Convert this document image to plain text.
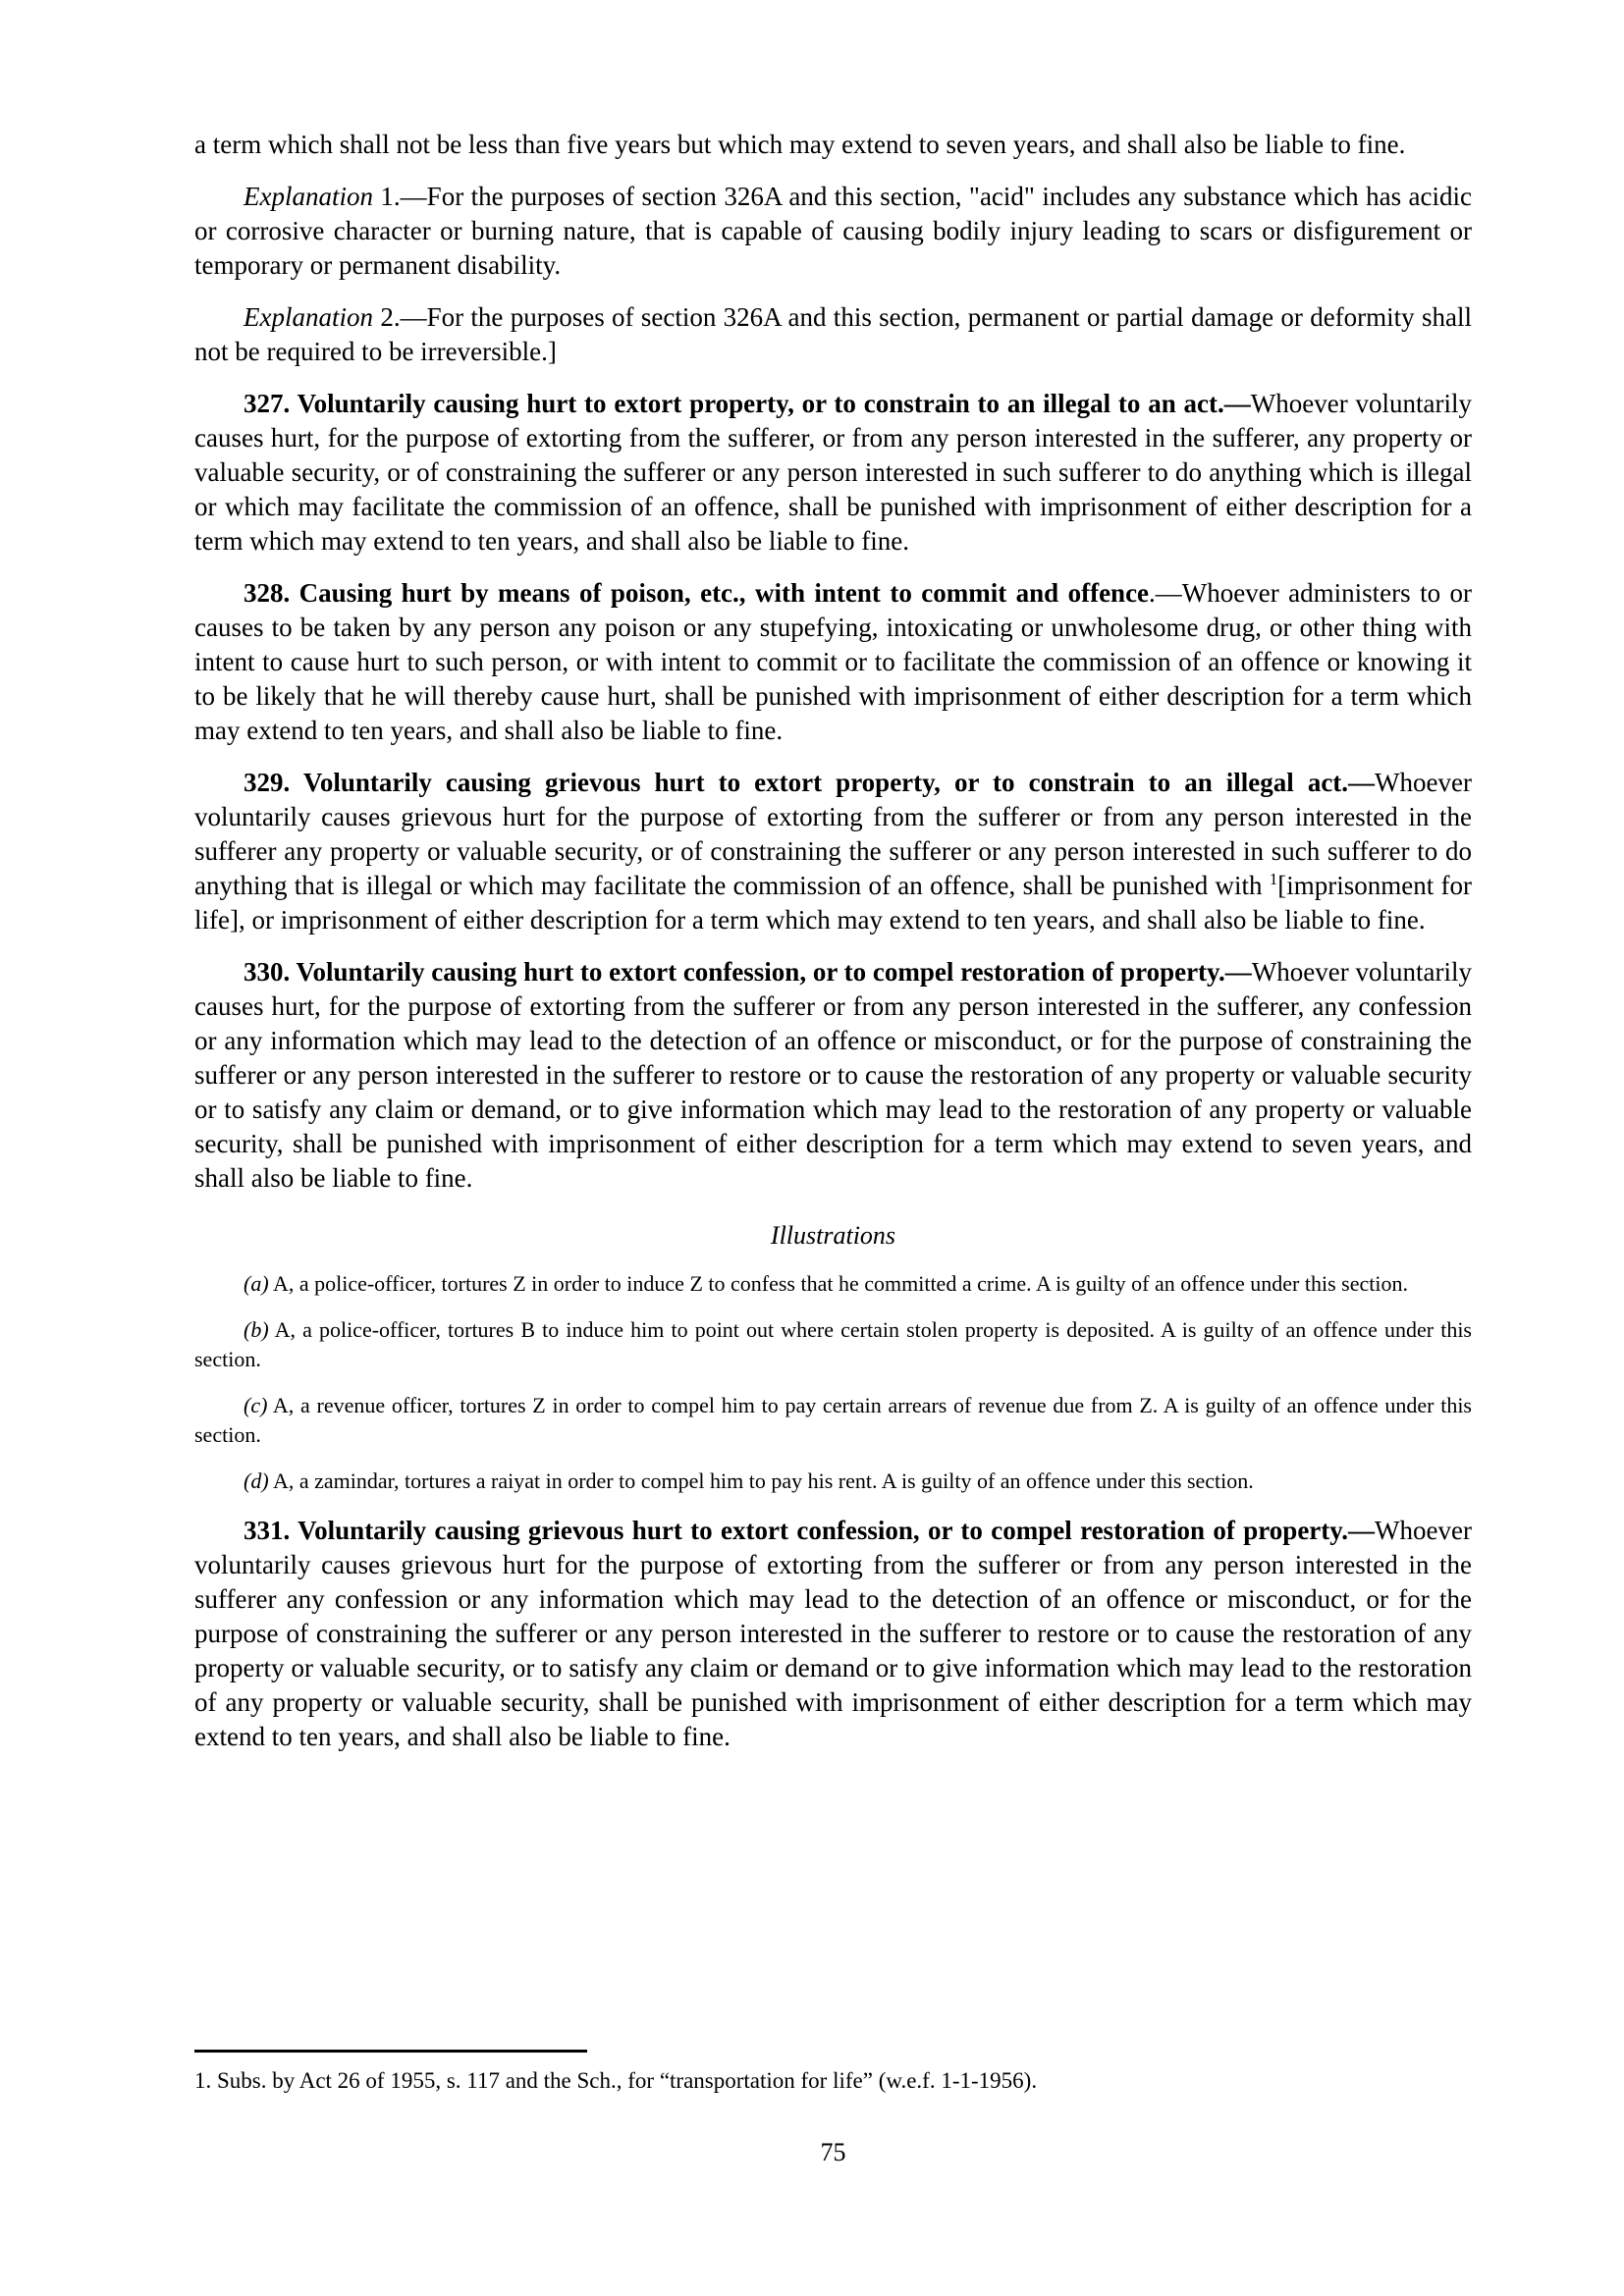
a term which shall not be less than five years but which may extend to seven years, and shall also be liable to fine.

Explanation 1.—For the purposes of section 326A and this section, "acid" includes any substance which has acidic or corrosive character or burning nature, that is capable of causing bodily injury leading to scars or disfigurement or temporary or permanent disability.

Explanation 2.—For the purposes of section 326A and this section, permanent or partial damage or deformity shall not be required to be irreversible.]

327. Voluntarily causing hurt to extort property, or to constrain to an illegal to an act.—Whoever voluntarily causes hurt, for the purpose of extorting from the sufferer, or from any person interested in the sufferer, any property or valuable security, or of constraining the sufferer or any person interested in such sufferer to do anything which is illegal or which may facilitate the commission of an offence, shall be punished with imprisonment of either description for a term which may extend to ten years, and shall also be liable to fine.

328. Causing hurt by means of poison, etc., with intent to commit and offence.—Whoever administers to or causes to be taken by any person any poison or any stupefying, intoxicating or unwholesome drug, or other thing with intent to cause hurt to such person, or with intent to commit or to facilitate the commission of an offence or knowing it to be likely that he will thereby cause hurt, shall be punished with imprisonment of either description for a term which may extend to ten years, and shall also be liable to fine.

329. Voluntarily causing grievous hurt to extort property, or to constrain to an illegal act.—Whoever voluntarily causes grievous hurt for the purpose of extorting from the sufferer or from any person interested in the sufferer any property or valuable security, or of constraining the sufferer or any person interested in such sufferer to do anything that is illegal or which may facilitate the commission of an offence, shall be punished with $^1$[imprisonment for life], or imprisonment of either description for a term which may extend to ten years, and shall also be liable to fine.

330. Voluntarily causing hurt to extort confession, or to compel restoration of property.—Whoever voluntarily causes hurt, for the purpose of extorting from the sufferer or from any person interested in the sufferer, any confession or any information which may lead to the detection of an offence or misconduct, or for the purpose of constraining the sufferer or any person interested in the sufferer to restore or to cause the restoration of any property or valuable security or to satisfy any claim or demand, or to give information which may lead to the restoration of any property or valuable security, shall be punished with imprisonment of either description for a term which may extend to seven years, and shall also be liable to fine.

Illustrations

(a) A, a police-officer, tortures Z in order to induce Z to confess that he committed a crime. A is guilty of an offence under this section.

(b) A, a police-officer, tortures B to induce him to point out where certain stolen property is deposited. A is guilty of an offence under this section.

(c) A, a revenue officer, tortures Z in order to compel him to pay certain arrears of revenue due from Z. A is guilty of an offence under this section.

(d) A, a zamindar, tortures a raiyat in order to compel him to pay his rent. A is guilty of an offence under this section.

331. Voluntarily causing grievous hurt to extort confession, or to compel restoration of property.—Whoever voluntarily causes grievous hurt for the purpose of extorting from the sufferer or from any person interested in the sufferer any confession or any information which may lead to the detection of an offence or misconduct, or for the purpose of constraining the sufferer or any person interested in the sufferer to restore or to cause the restoration of any property or valuable security, or to satisfy any claim or demand or to give information which may lead to the restoration of any property or valuable security, shall be punished with imprisonment of either description for a term which may extend to ten years, and shall also be liable to fine.

1. Subs. by Act 26 of 1955, s. 117 and the Sch., for “transportation for life” (w.e.f. 1-1-1956).

75
